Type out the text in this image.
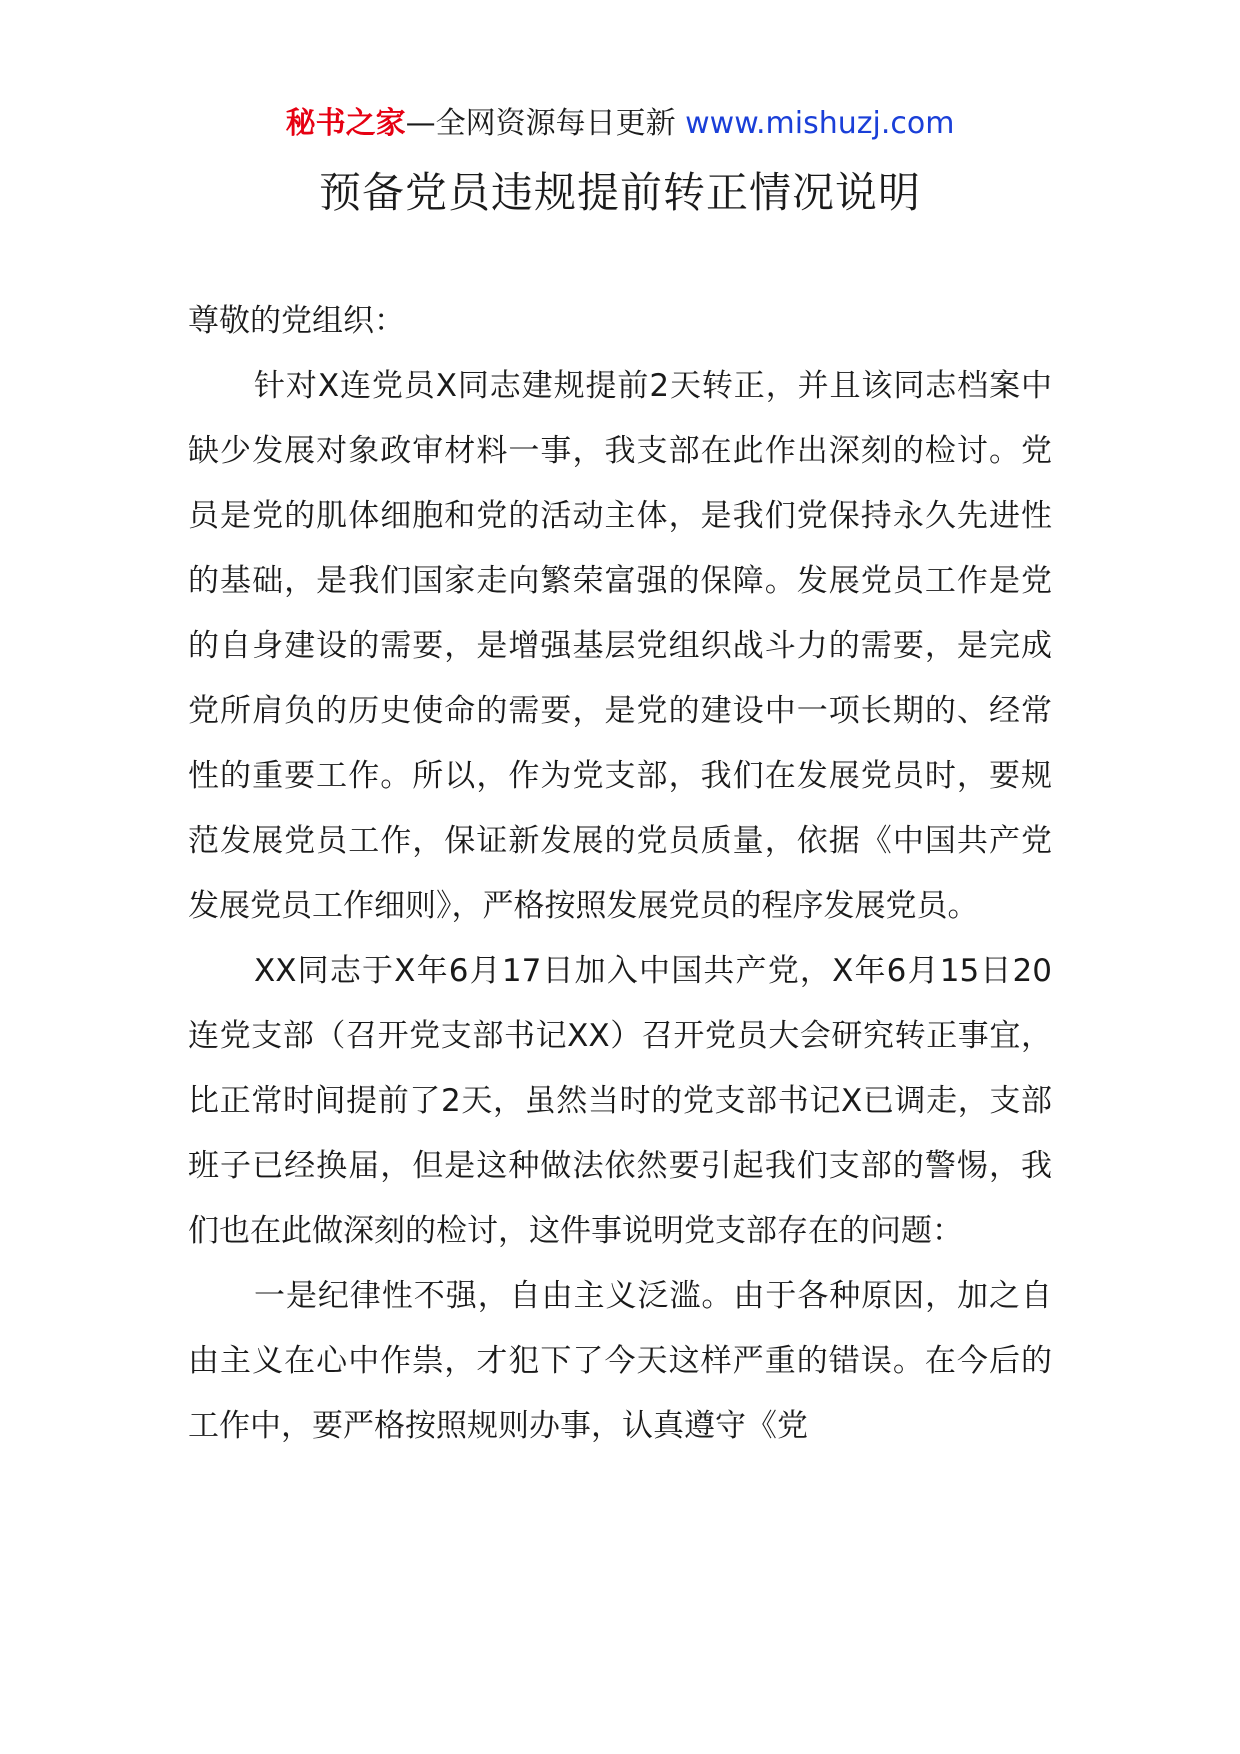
秘书之家—全网资源每日更新 www.mishuzj.com
预备党员违规提前转正情况说明

尊敬的党组织：

针对X连党员X同志建规提前2天转正，并且该同志档案中缺少发展对象政审材料一事，我支部在此作出深刻的检讨。党员是党的肌体细胞和党的活动主体，是我们党保持永久先进性的基础，是我们国家走向繁荣富强的保障。发展党员工作是党的自身建设的需要，是增强基层党组织战斗力的需要，是完成党所肩负的历史使命的需要，是党的建设中一项长期的、经常性的重要工作。所以，作为党支部，我们在发展党员时，要规范发展党员工作，保证新发展的党员质量，依据《中国共产党发展党员工作细则》，严格按照发展党员的程序发展党员。

XX同志于X年6月17日加入中国共产党，X年6月15日20连党支部（召开党支部书记XX）召开党员大会研究转正事宜，比正常时间提前了2天，虽然当时的党支部书记X已调走，支部班子已经换届，但是这种做法依然要引起我们支部的警惕，我们也在此做深刻的检讨，这件事说明党支部存在的问题：

一是纪律性不强，自由主义泛滥。由于各种原因，加之自由主义在心中作祟，才犯下了今天这样严重的错误。在今后的工作中，要严格按照规则办事，认真遵守《党
